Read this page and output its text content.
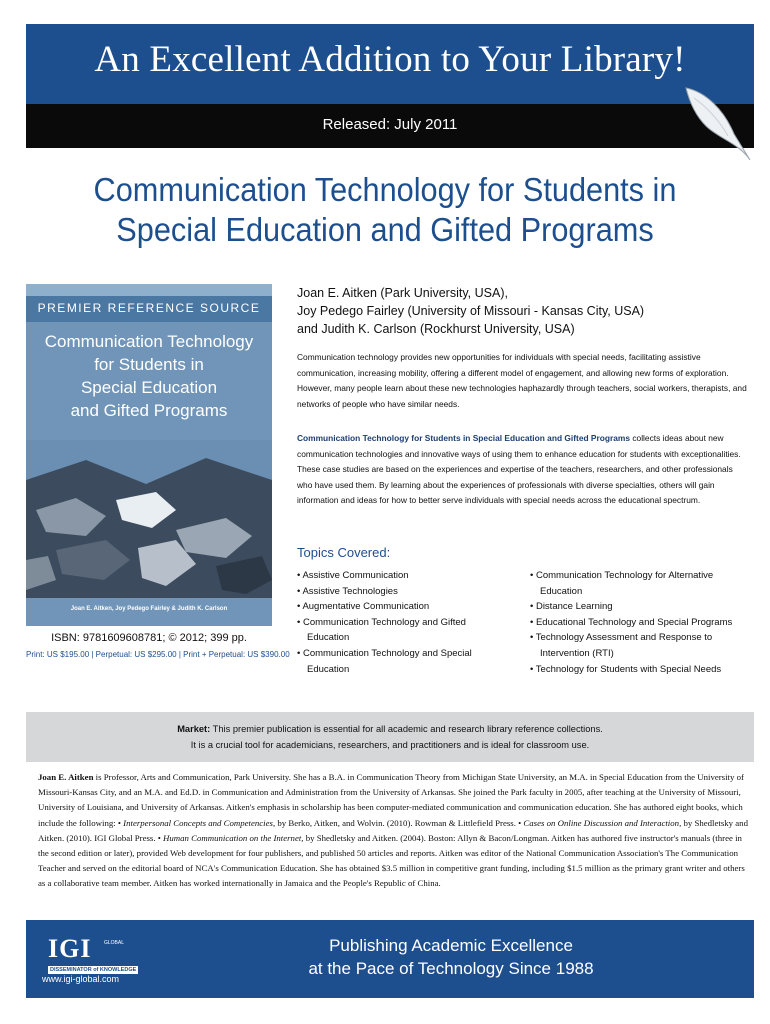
An Excellent Addition to Your Library!
Released: July 2011
Communication Technology for Students in
Special Education and Gifted Programs
PREMIER REFERENCE SOURCE
Communication Technology
for Students in
Special Education
and Gifted Programs
Joan E. Aitken, Joy Pedego Fairley & Judith K. Carlson
ISBN: 9781609608781; © 2012; 399 pp.
Print: US $195.00 | Perpetual: US $295.00 | Print + Perpetual: US $390.00
Joan E. Aitken (Park University, USA),
Joy Pedego Fairley (University of Missouri - Kansas City, USA)
and Judith K. Carlson (Rockhurst University, USA)
Communication technology provides new opportunities for individuals with special needs, facilitating assistive communication, increasing mobility, offering a different model of engagement, and allowing new forms of exploration. However, many people learn about these new technologies haphazardly through teachers, social workers, therapists, and networks of people who have similar needs.
Communication Technology for Students in Special Education and Gifted Programs collects ideas about new communication technologies and innovative ways of using them to enhance education for students with exceptionalities. These case studies are based on the experiences and expertise of the teachers, researchers, and other professionals who have used them. By learning about the experiences of professionals with diverse specialties, others will gain information and ideas for how to better serve individuals with special needs across the educational spectrum.
Topics Covered:
• Assistive Communication
• Assistive Technologies
• Augmentative Communication
• Communication Technology and Gifted Education
• Communication Technology and Special Education
• Communication Technology for Alternative Education
• Distance Learning
• Educational Technology and Special Programs
• Technology Assessment and Response to Intervention (RTI)
• Technology for Students with Special Needs
Market: This premier publication is essential for all academic and research library reference collections.
It is a crucial tool for academicians, researchers, and practitioners and is ideal for classroom use.
Joan E. Aitken is Professor, Arts and Communication, Park University. She has a B.A. in Communication Theory from Michigan State University, an M.A. in Special Education from the University of Missouri-Kansas City, and an M.A. and Ed.D. in Communication and Administration from the University of Arkansas. She joined the Park faculty in 2005, after teaching at the University of Missouri, University of Louisiana, and University of Arkansas. Aitken's emphasis in scholarship has been computer-mediated communication and communication education. She has authored eight books, which include the following: • Interpersonal Concepts and Competencies, by Berko, Aitken, and Wolvin. (2010). Rowman & Littlefield Press. • Cases on Online Discussion and Interaction, by Shedletsky and Aitken. (2010). IGI Global Press. • Human Communication on the Internet, by Shedletsky and Aitken. (2004). Boston: Allyn & Bacon/Longman. Aitken has authored five instructor's manuals (three in the second edition or later), provided Web development for four publishers, and published 50 articles and reports. Aitken was editor of the National Communication Association's The Communication Teacher and served on the editorial board of NCA's Communication Education. She has obtained $3.5 million in competitive grant funding, including $1.5 million as the primary grant writer and others as a collaborative team member. Aitken has worked internationally in Jamaica and the People's Republic of China.
IGI	GLOBAL
DISSEMINATOR of KNOWLEDGE
www.igi-global.com
Publishing Academic Excellence
at the Pace of Technology Since 1988
